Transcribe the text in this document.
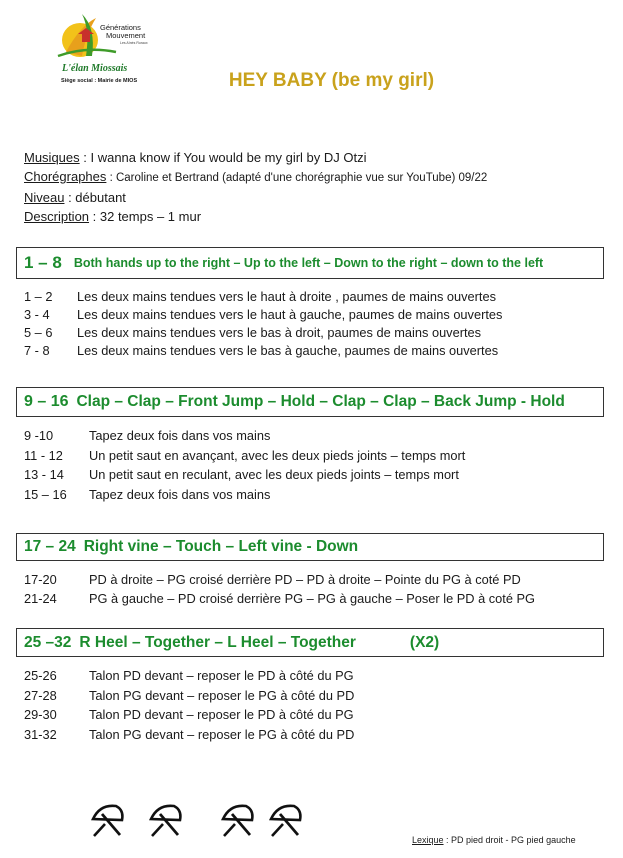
Générations
Mouvement
Les Aînés Ruraux
L'élan Miossais
Siège social : Mairie de MIOS	HEY BABY (be my girl)
Musiques : I wanna know if You would be my girl by DJ Otzi
Chorégraphes : Caroline et Bertrand (adapté d'une chorégraphie vue sur YouTube) 09/22
Niveau : débutant
Description : 32 temps – 1 mur
1 – 8 Both hands up to the right – Up to the left – Down to the right – down to the left
1 – 2	Les deux mains tendues vers le haut à droite , paumes de mains ouvertes
3 - 4	Les deux mains tendues vers le haut à gauche, paumes de mains ouvertes
5 – 6	Les deux mains tendues vers le bas à droit, paumes de mains ouvertes
7 - 8	Les deux mains tendues vers le bas à gauche, paumes de mains ouvertes
9 – 16 Clap – Clap – Front Jump – Hold – Clap – Clap – Back Jump - Hold
9 -10	Tapez deux fois dans vos mains
11 - 12	Un petit saut en avançant, avec les deux pieds joints – temps mort
13 - 14	Un petit saut en reculant, avec les deux pieds joints – temps mort
15 – 16	Tapez deux fois dans vos mains
17 – 24 Right vine – Touch – Left vine - Down
17-20	PD à droite – PG croisé derrière PD – PD à droite – Pointe du PG à coté PD
21-24	PG à gauche – PD croisé derrière PG – PG à gauche – Poser le PD à coté PG
25 –32 R Heel – Together – L Heel – Together	(X2)
25-26	Talon PD devant – reposer le PD à côté du PG
27-28	Talon PG devant – reposer le PG à côté du PD
29-30	Talon PD devant – reposer le PD à côté du PG
31-32	Talon PG devant – reposer le PG à côté du PD
Lexique : PD pied droit - PG pied gauche
